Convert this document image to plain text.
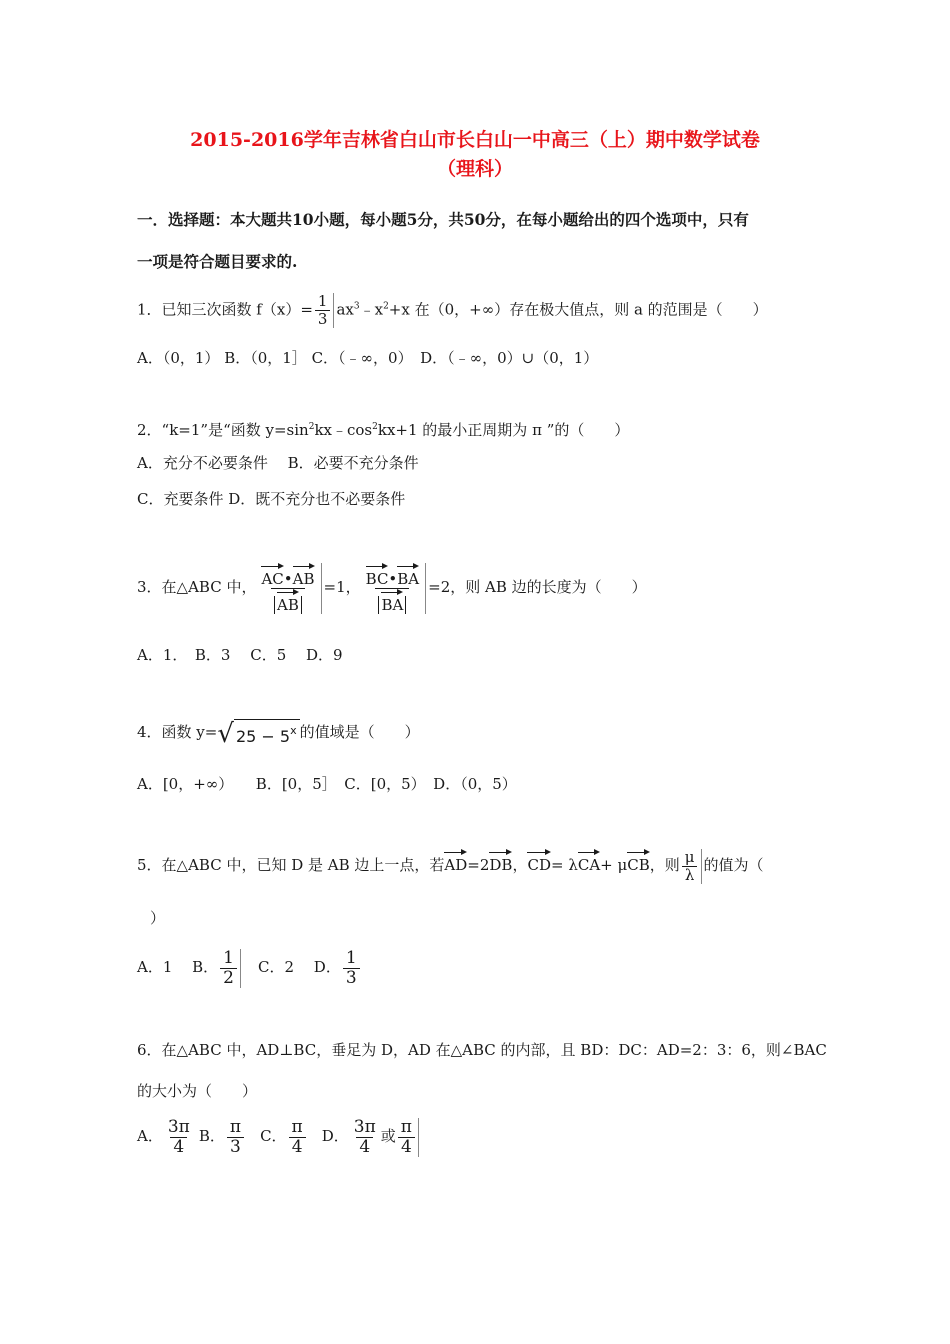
2015-2016学年吉林省白山市长白山一中高三（上）期中数学试卷
（理科）
一．选择题：本大题共10小题，每小题5分，共50分，在每小题给出的四个选项中，只有
一项是符合题目要求的.
1．已知三次函数 $f(x)= \frac{1}{3}$ $ax^3﹣x^2+x$ 在（0，+∞）存在极大值点，则 a 的范围是（　　）
A．（0，1） B．（0，1］ C．（﹣∞，0）　D．（﹣∞，0）∪（0，1）
2．“k=1”是“函数 $y=\sin^2kx﹣\cos^2kx+1$ 的最小正周期为 π ”的（　　）
A．充分不必要条件　 B．必要不充分条件
C．充要条件 D．既不充分也不必要条件
3．在△ABC 中， $\frac{AC•AB}{AB} =1$， $\frac{BC•BA}{BA} =2$，则 AB 边的长度为（　　）
A．1．　B．3　 C．5　 D．9
4．函数 y= √ $25 - 5^x$ 的值域是（　　）
A．[0，+∞）　　B．[0，5］　C．[0，5）　D．（0，5）
5．在△ABC 中，已知 D 是 AB 边上一点，若AD=2DB，CD= λCA+ μCB，则 $\frac{\mu}{\lambda}$ 的值为（
）
A．1　 B． $\frac{1}{2}$ 　C．2　 D． $\frac{1}{3}$
6．在△ABC 中，AD⊥BC，垂足为 D，AD 在△ABC 的内部，且 BD：DC：AD=2：3：6，则∠BAC
的大小为（　　）
A． $\frac{3\pi}{4}$ B． $\frac{\pi}{3}$ C． $\frac{\pi}{4}$ D． $\frac{3\pi}{4}$ 或 $\frac{\pi}{4}$
